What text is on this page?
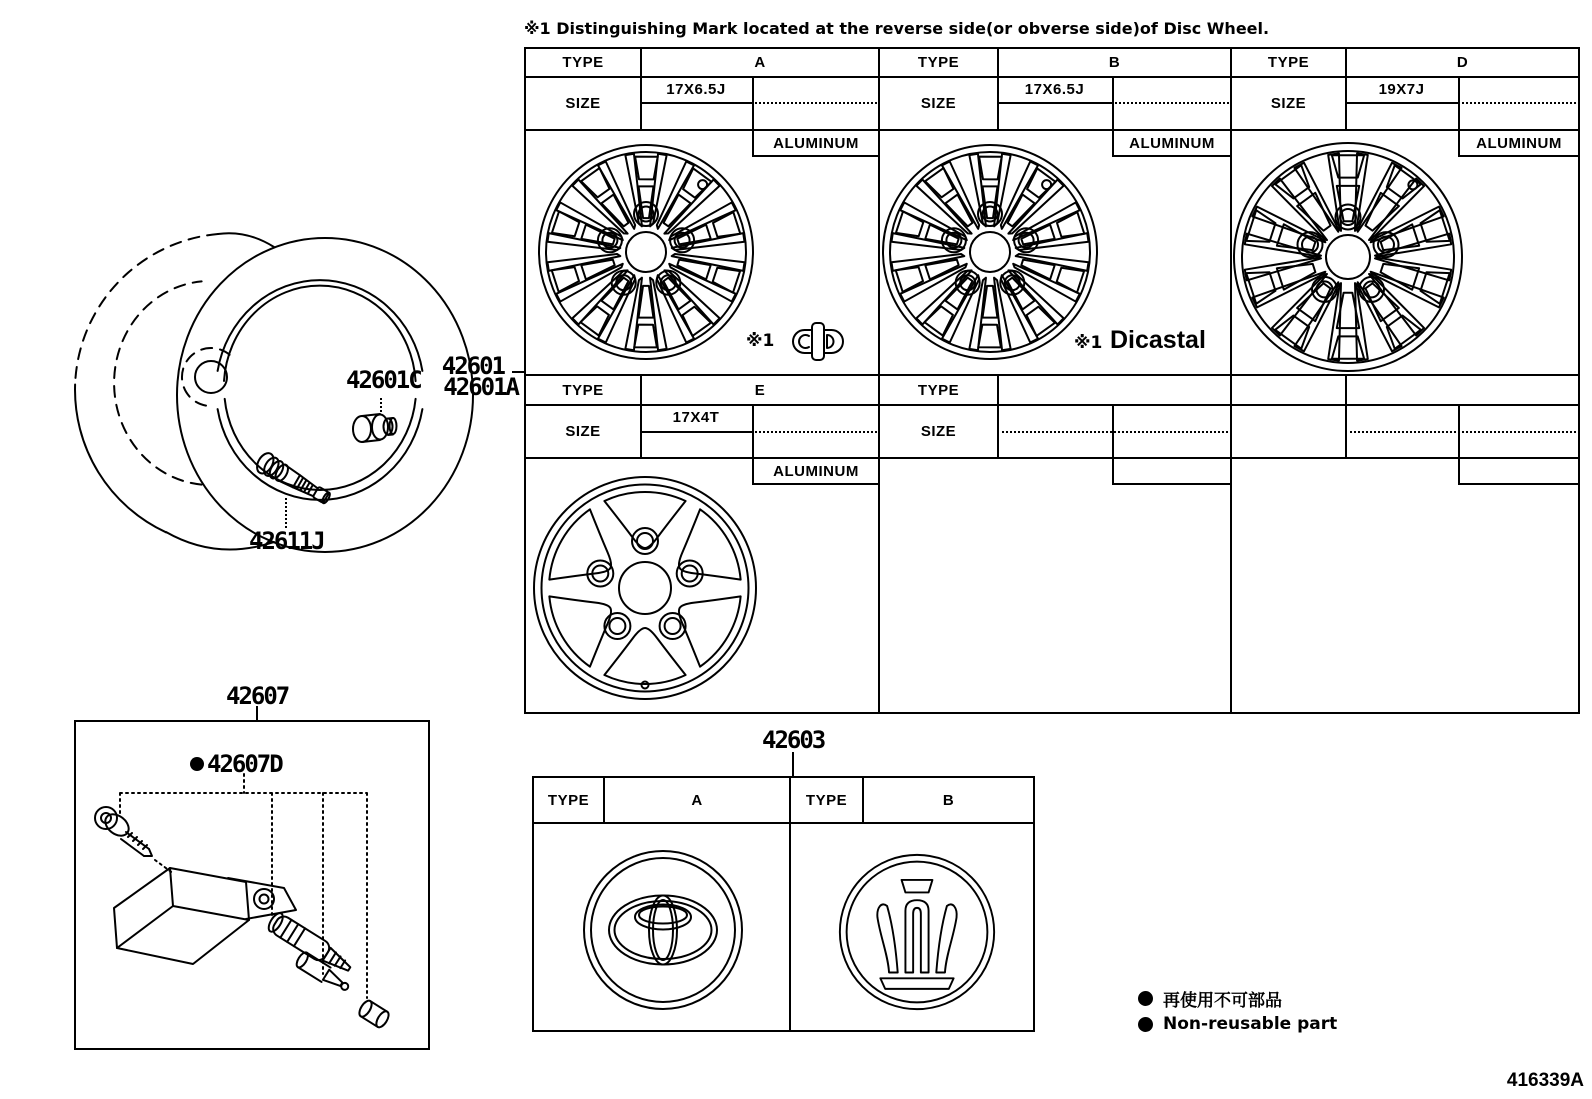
※1 Distinguishing Mark located at the reverse side(or obverse side)of Disc Wheel.
42601
42601A
42601C
42611J
TYPE	A
SIZE
17X6.5J
ALUMINUM
TYPE	B
SIZE
17X6.5J
ALUMINUM
TYPE	D
SIZE
19X7J
ALUMINUM
TYPE	E
SIZE
17X4T
ALUMINUM
TYPE
SIZE
※1	※1 Dicastal
42607
42607D
42603
TYPE	A	TYPE	B
再使用不可部品
Non-reusable part
416339A
